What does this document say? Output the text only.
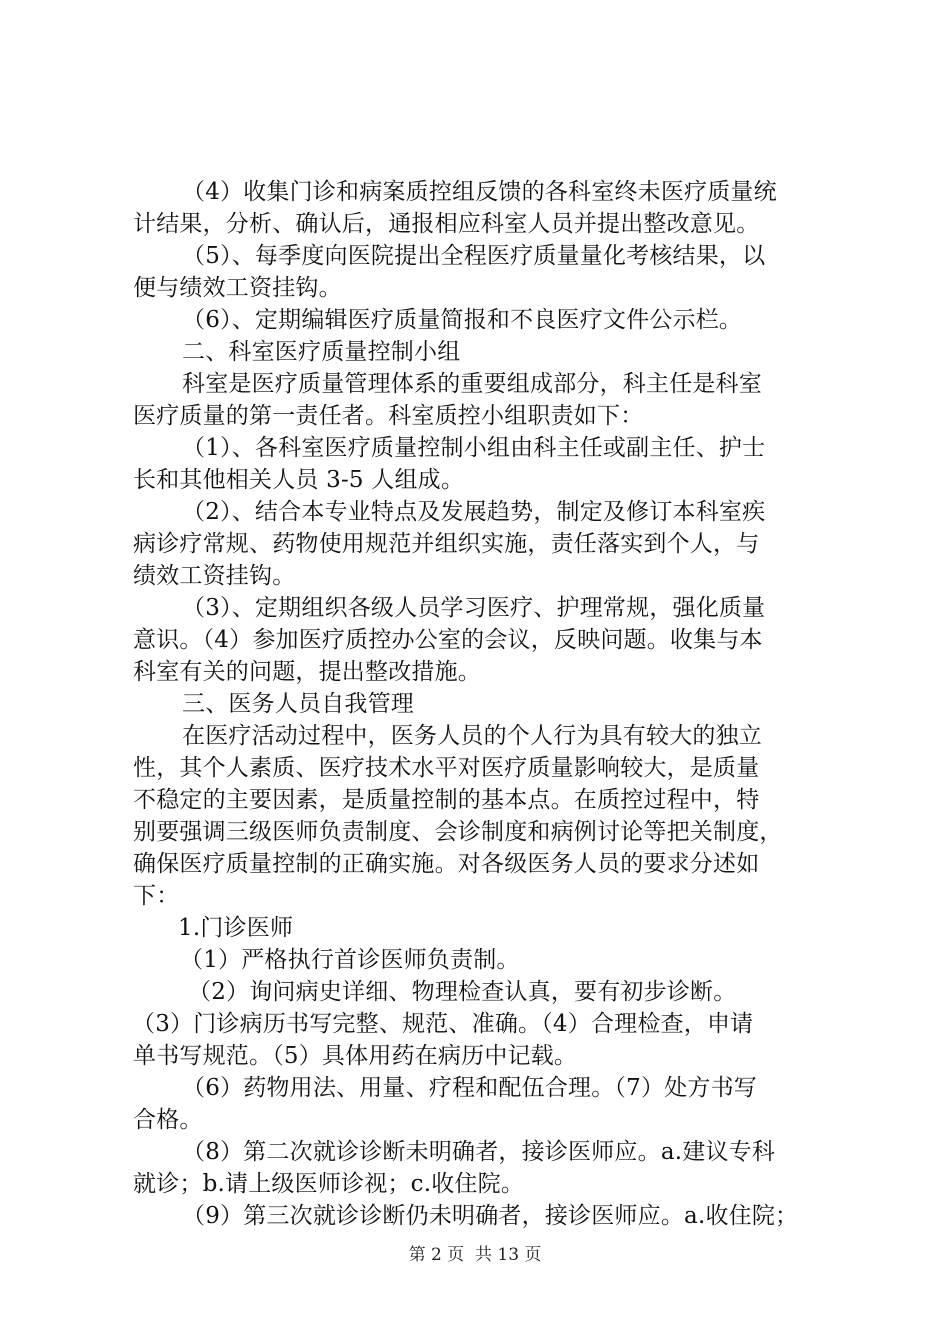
（4）收集门诊和病案质控组反馈的各科室终未医疗质量统
计结果，分析、确认后，通报相应科室人员并提出整改意见。
（5）、每季度向医院提出全程医疗质量量化考核结果，以
便与绩效工资挂钩。
（6）、定期编辑医疗质量简报和不良医疗文件公示栏。
二、科室医疗质量控制小组
科室是医疗质量管理体系的重要组成部分，科主任是科室
医疗质量的第一责任者。科室质控小组职责如下：
（1）、各科室医疗质量控制小组由科主任或副主任、护士
长和其他相关人员 3-5 人组成。
（2）、结合本专业特点及发展趋势，制定及修订本科室疾
病诊疗常规、药物使用规范并组织实施，责任落实到个人，与
绩效工资挂钩。
（3）、定期组织各级人员学习医疗、护理常规，强化质量
意识。（4）参加医疗质控办公室的会议，反映问题。收集与本
科室有关的问题，提出整改措施。
三、医务人员自我管理
在医疗活动过程中，医务人员的个人行为具有较大的独立
性，其个人素质、医疗技术水平对医疗质量影响较大，是质量
不稳定的主要因素，是质量控制的基本点。在质控过程中，特
别要强调三级医师负责制度、会诊制度和病例讨论等把关制度，
确保医疗质量控制的正确实施。对各级医务人员的要求分述如
下：
1.门诊医师
（1）严格执行首诊医师负责制。
（2）询问病史详细、物理检查认真，要有初步诊断。
（3）门诊病历书写完整、规范、准确。（4）合理检查，申请
单书写规范。（5）具体用药在病历中记载。
（6）药物用法、用量、疗程和配伍合理。（7）处方书写
合格。
（8）第二次就诊诊断未明确者，接诊医师应。a.建议专科
就诊；b.请上级医师诊视；c.收住院。
（9）第三次就诊诊断仍未明确者，接诊医师应。a.收住院；
第 2 页  共 13 页
